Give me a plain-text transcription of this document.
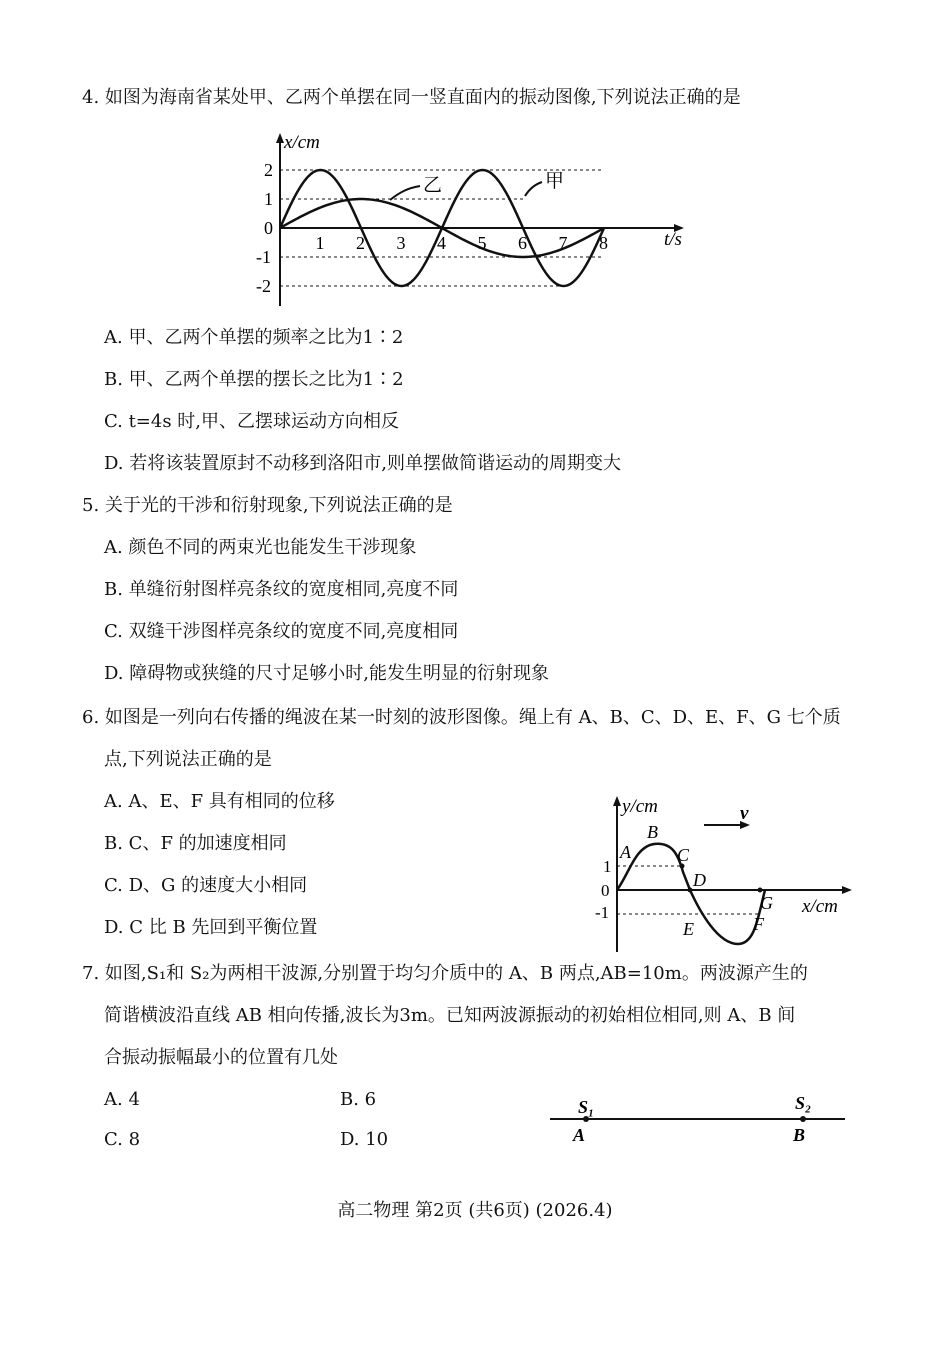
4. 如图为海南省某处甲、乙两个单摆在同一竖直面内的振动图像,下列说法正确的是
1 2 3 4 5 6 7 8
2
1
0
-1
-2
x/cm
t/s
乙	甲
A. 甲、乙两个单摆的频率之比为1∶2
B. 甲、乙两个单摆的摆长之比为1∶2
C. t=4s 时,甲、乙摆球运动方向相反
D. 若将该装置原封不动移到洛阳市,则单摆做简谐运动的周期变大
5. 关于光的干涉和衍射现象,下列说法正确的是
A. 颜色不同的两束光也能发生干涉现象
B. 单缝衍射图样亮条纹的宽度相同,亮度不同
C. 双缝干涉图样亮条纹的宽度不同,亮度相同
D. 障碍物或狭缝的尺寸足够小时,能发生明显的衍射现象
6. 如图是一列向右传播的绳波在某一时刻的波形图像。绳上有 A、B、C、D、E、F、G 七个质
点,下列说法正确的是
A. A、E、F 具有相同的位移
B. C、F 的加速度相同
C. D、G 的速度大小相同
D. C 比 B 先回到平衡位置
y/cm
x/cm
v
1
0
-1
A
B
C
D
E	F
G
7. 如图,S₁和 S₂为两相干波源,分别置于均匀介质中的 A、B 两点,AB=10m。两波源产生的
简谐横波沿直线 AB 相向传播,波长为3m。已知两波源振动的初始相位相同,则 A、B 间
合振动振幅最小的位置有几处
A. 4	B. 6
C. 8	D. 10
S₁	S₂
A	B
高二物理 第2页 (共6页) (2026.4)
